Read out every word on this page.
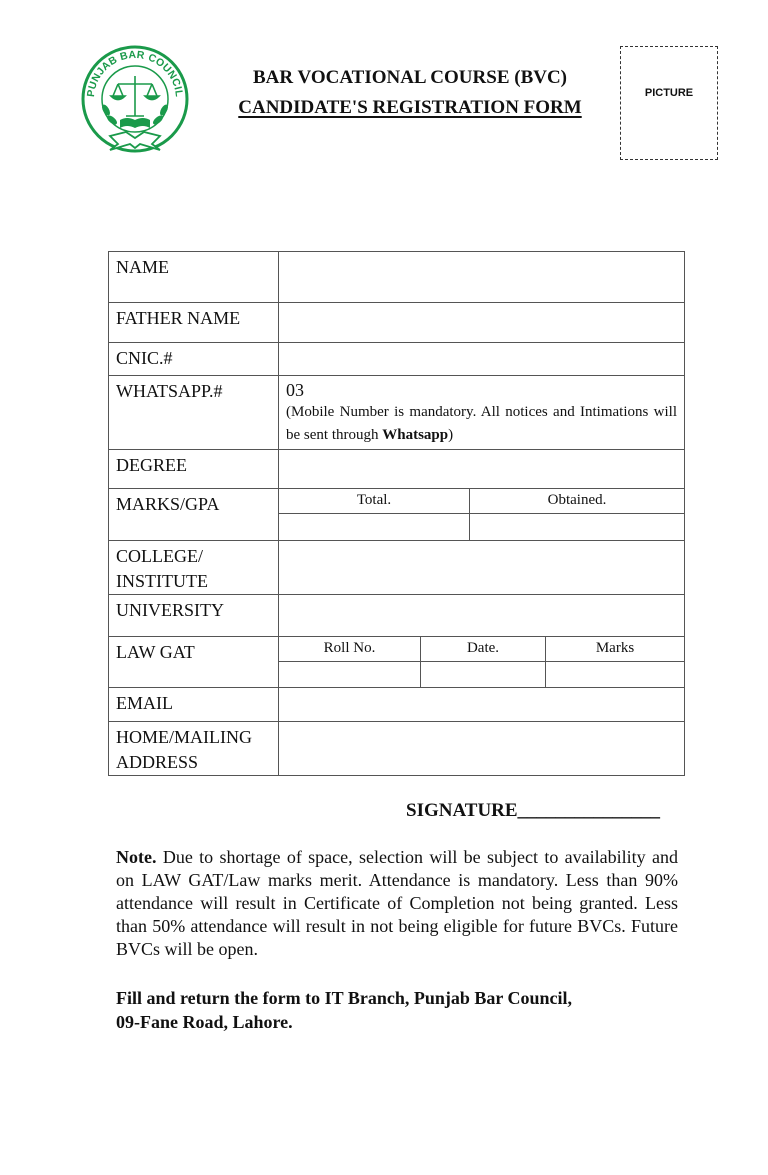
PUNJAB BAR COUNCIL
BAR VOCATIONAL COURSE (BVC)
CANDIDATE'S REGISTRATION FORM
PICTURE
NAME	
FATHER NAME	
CNIC.#	
WHATSAPP.#	03
(Mobile Number is mandatory. All notices and Intimations will be sent through Whatsapp)

DEGREE	
MARKS/GPA		Total.	Obtained.

COLLEGE/
INSTITUTE

UNIVERSITY	
LAW GAT		Roll No.	Date.	Marks

EMAIL	

HOME/MAILING
ADDRESS

SIGNATURE_______________
Note. Due to shortage of space, selection will be subject to availability and on LAW GAT/Law marks merit. Attendance is mandatory. Less than 90% attendance will result in Certificate of Completion not being granted. Less than 50% attendance will result in not being eligible for future BVCs. Future BVCs will be open.
Fill and return the form to IT Branch, Punjab Bar Council,
09-Fane Road, Lahore.
